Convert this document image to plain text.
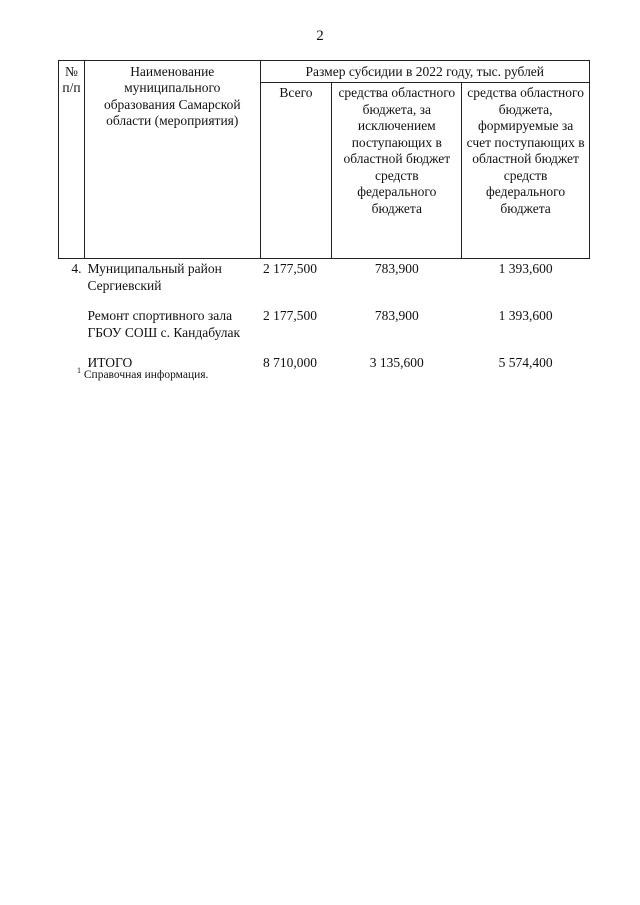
2
№ п/п	Наименование муниципального образования Самарской области (мероприятия)	Размер субсидии в 2022 году, тыс. рублей		
		Всего	средства областного бюджета, за исключением поступающих в областной бюджет средств федерального бюджета	средства областного бюджета, формируемые за счет поступающих в областной бюджет средств федерального бюджета
4.	Муниципальный район Сергиевский	2 177,500	783,900	1 393,600

	Ремонт спортивного зала ГБОУ СОШ с. Кандабулак	2 177,500	783,900	1 393,600

	ИТОГО	8 710,000	3 135,600	5 574,400
$^1$ Справочная информация.
